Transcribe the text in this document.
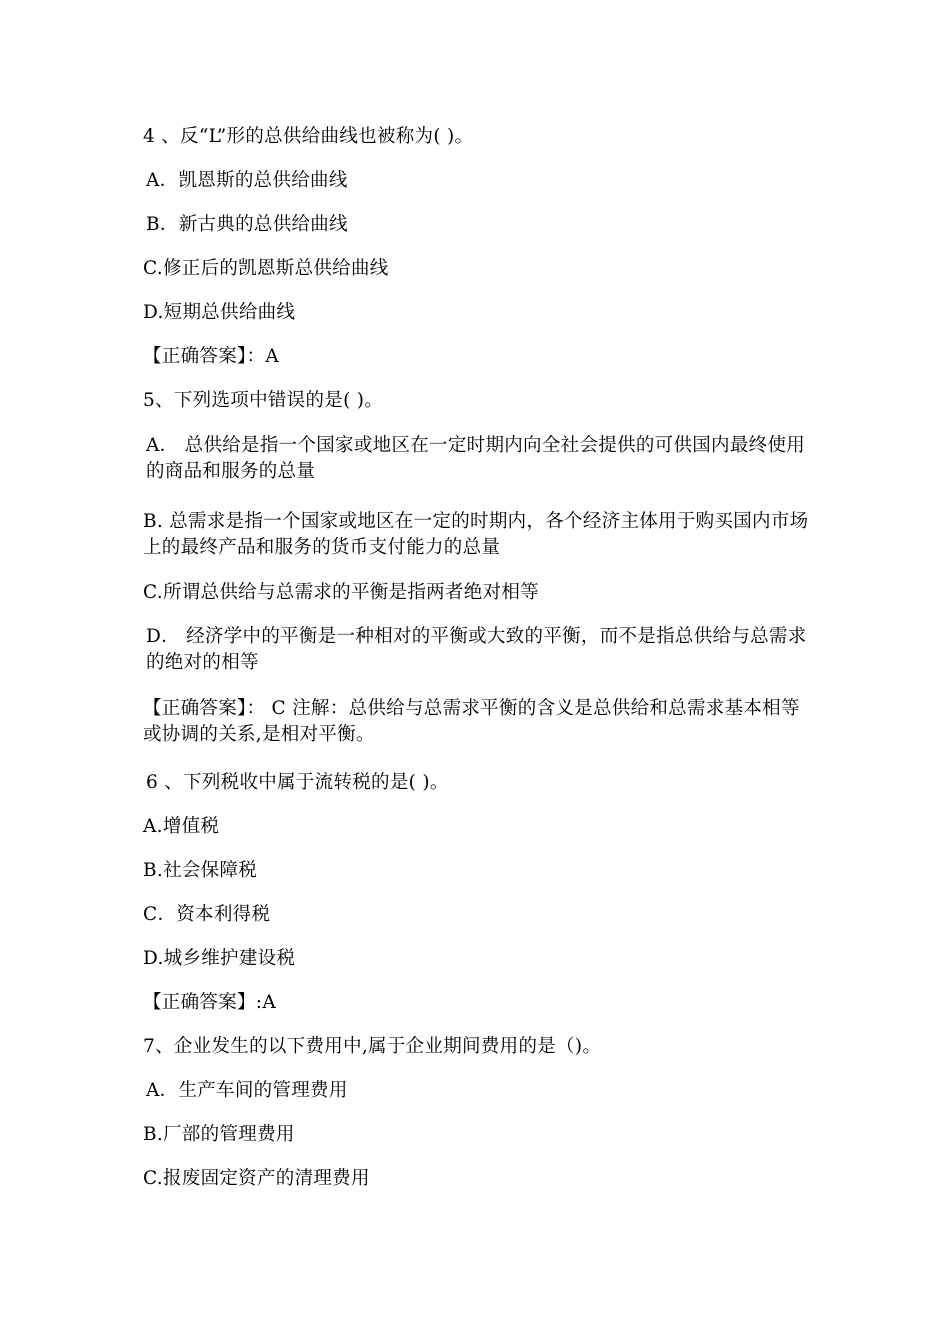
4 、反“L”形的总供给曲线也被称为( )。
A．凯恩斯的总供给曲线
B．新古典的总供给曲线
C.修正后的凯恩斯总供给曲线
D.短期总供给曲线
【正确答案】：A
5、下列选项中错误的是( )。
A． 总供给是指一个国家或地区在一定时期内向全社会提供的可供国内最终使用的商品和服务的总量
B. 总需求是指一个国家或地区在一定的时期内，各个经济主体用于购买国内市场上的最终产品和服务的货币支付能力的总量
C.所谓总供给与总需求的平衡是指两者绝对相等
D． 经济学中的平衡是一种相对的平衡或大致的平衡，而不是指总供给与总需求的绝对的相等
【正确答案】： C 注解：总供给与总需求平衡的含义是总供给和总需求基本相等或协调的关系,是相对平衡。
6 、下列税收中属于流转税的是( )。
A.增值税
B.社会保障税
C．资本利得税
D.城乡维护建设税
【正确答案】:A
7、企业发生的以下费用中,属于企业期间费用的是（)。
A．生产车间的管理费用
B.厂部的管理费用
C.报废固定资产的清理费用
